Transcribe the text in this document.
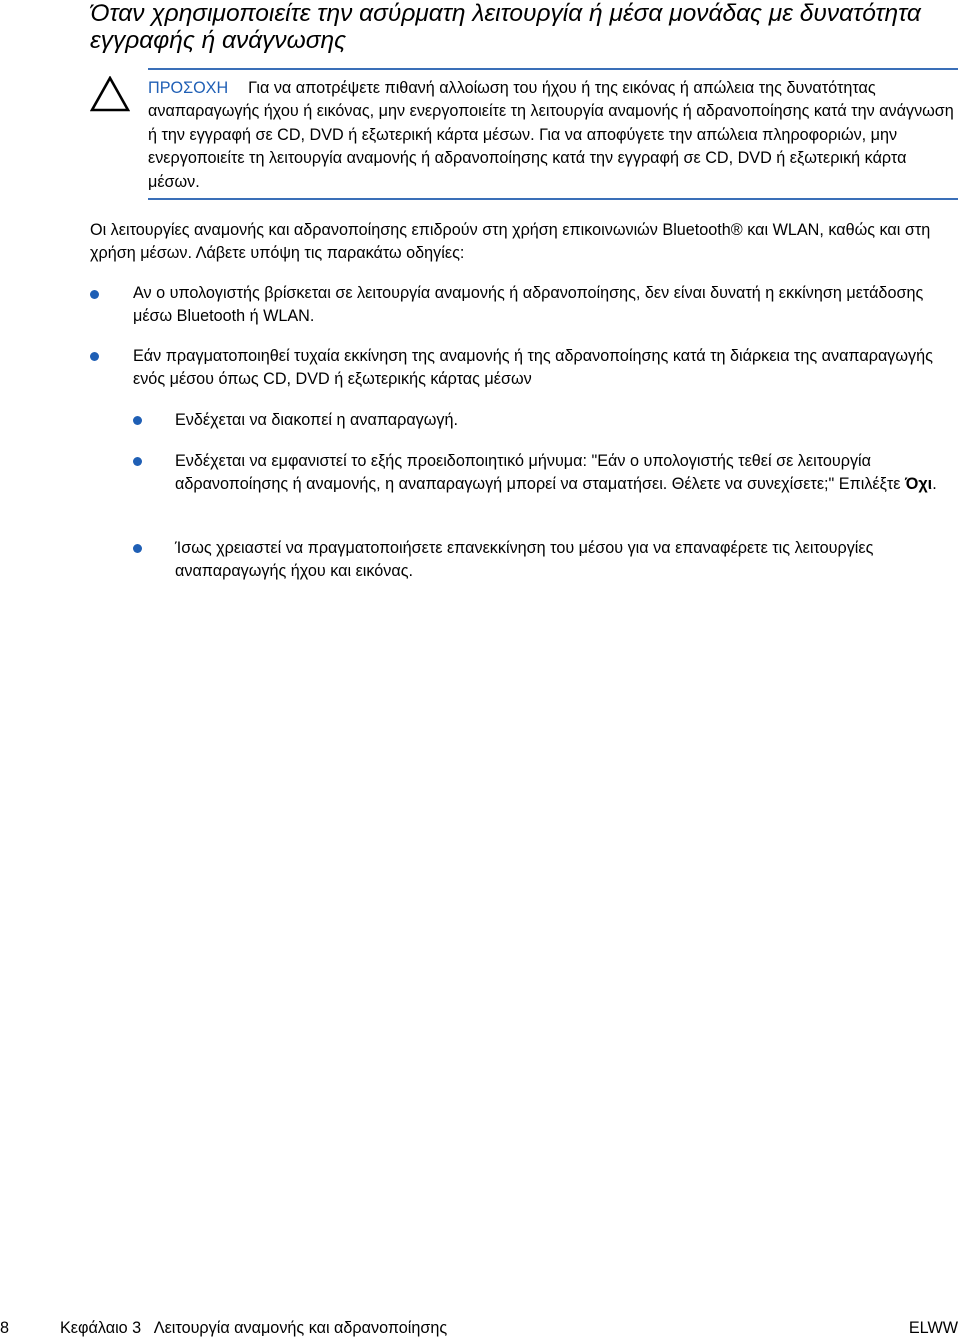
Όταν χρησιμοποιείτε την ασύρματη λειτουργία ή μέσα μονάδας με δυνατότητα εγγραφής ή ανάγνωσης

ΠΡΟΣΟΧΗ Για να αποτρέψετε πιθανή αλλοίωση του ήχου ή της εικόνας ή απώλεια της δυνατότητας αναπαραγωγής ήχου ή εικόνας, μην ενεργοποιείτε τη λειτουργία αναμονής ή αδρανοποίησης κατά την ανάγνωση ή την εγγραφή σε CD, DVD ή εξωτερική κάρτα μέσων. Για να αποφύγετε την απώλεια πληροφοριών, μην ενεργοποιείτε τη λειτουργία αναμονής ή αδρανοποίησης κατά την εγγραφή σε CD, DVD ή εξωτερική κάρτα μέσων.

Οι λειτουργίες αναμονής και αδρανοποίησης επιδρούν στη χρήση επικοινωνιών Bluetooth® και WLAN, καθώς και στη χρήση μέσων. Λάβετε υπόψη τις παρακάτω οδηγίες:

Αν ο υπολογιστής βρίσκεται σε λειτουργία αναμονής ή αδρανοποίησης, δεν είναι δυνατή η εκκίνηση μετάδοσης μέσω Bluetooth ή WLAN.

Εάν πραγματοποιηθεί τυχαία εκκίνηση της αναμονής ή της αδρανοποίησης κατά τη διάρκεια της αναπαραγωγής ενός μέσου όπως CD, DVD ή εξωτερικής κάρτας μέσων

Ενδέχεται να διακοπεί η αναπαραγωγή.

Ενδέχεται να εμφανιστεί το εξής προειδοποιητικό μήνυμα: "Εάν ο υπολογιστής τεθεί σε λειτουργία αδρανοποίησης ή αναμονής, η αναπαραγωγή μπορεί να σταματήσει. Θέλετε να συνεχίσετε;" Επιλέξτε Όχι.

Ίσως χρειαστεί να πραγματοποιήσετε επανεκκίνηση του μέσου για να επαναφέρετε τις λειτουργίες αναπαραγωγής ήχου και εικόνας.

8	Κεφάλαιο 3   Λειτουργία αναμονής και αδρανοποίησης	ELWW
